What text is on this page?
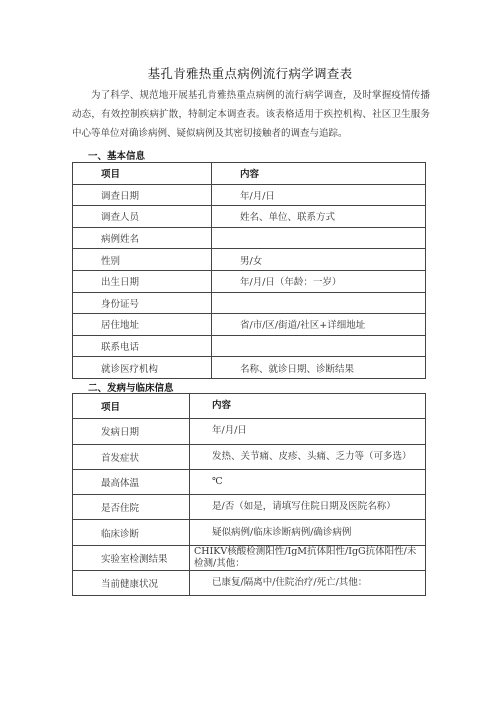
基孔肯雅热重点病例流行病学调查表
为了科学、规范地开展基孔肯雅热重点病例的流行病学调查，及时掌握疫情传播动态，有效控制疾病扩散，特制定本调查表。该表格适用于疾控机构、社区卫生服务中心等单位对确诊病例、疑似病例及其密切接触者的调查与追踪。
一、基本信息
项目	内容
调查日期	年/月/日
调查人员	姓名、单位、联系方式
病例姓名	
性别	男/女
出生日期	年/月/日（年龄：一岁）
身份证号	
居住地址	省/市/区/街道/社区+详细地址
联系电话	
就诊医疗机构	名称、就诊日期、诊断结果
二、发病与临床信息
项目	内容
发病日期	年/月/日
首发症状	发热、关节痛、皮疹、头痛、乏力等（可多选）
最高体温	℃
是否住院	是/否（如是，请填写住院日期及医院名称）
临床诊断	疑似病例/临床诊断病例/确诊病例
实验室检测结果	CHIKV核酸检测阳性/IgM抗体阳性/IgG抗体阳性/未检测/其他：
当前健康状况	已康复/隔离中/住院治疗/死亡/其他：
